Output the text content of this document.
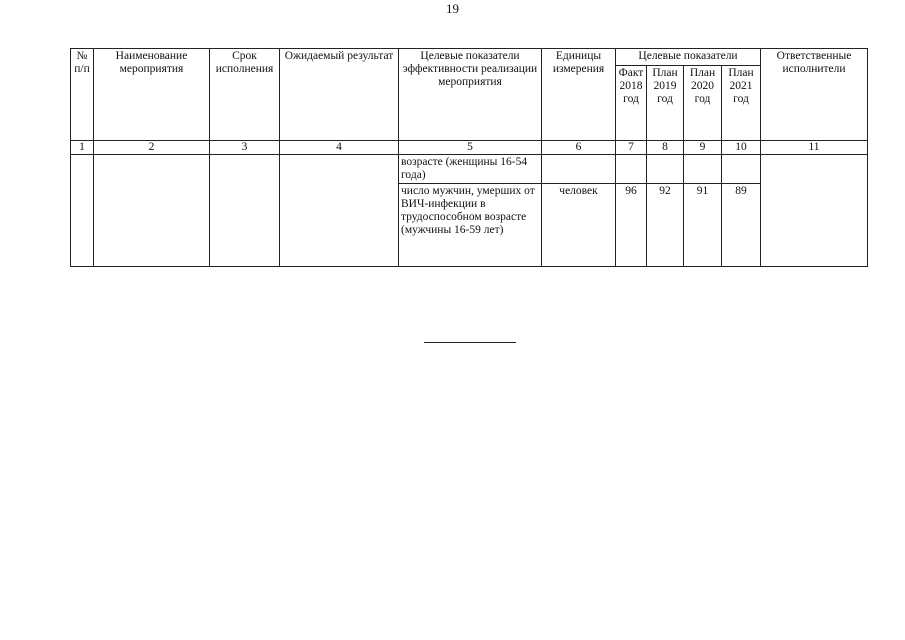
19
№ п/п	Наименование мероприятия	Срок исполнения	Ожидаемый результат	Целевые показатели эффективности реализации мероприятия	Единицы измерения	Целевые показатели				Ответственные исполнители
						Факт 2018 год	План 2019 год	План 2020 год	План 2021 год	
1	2	3	4	5	6	7	8	9	10	11
				возрасте (женщины 16-54 года)						
				число мужчин, умерших от ВИЧ-инфекции в трудоспособном возрасте (мужчины 16-59 лет)	человек	96	92	91	89	
